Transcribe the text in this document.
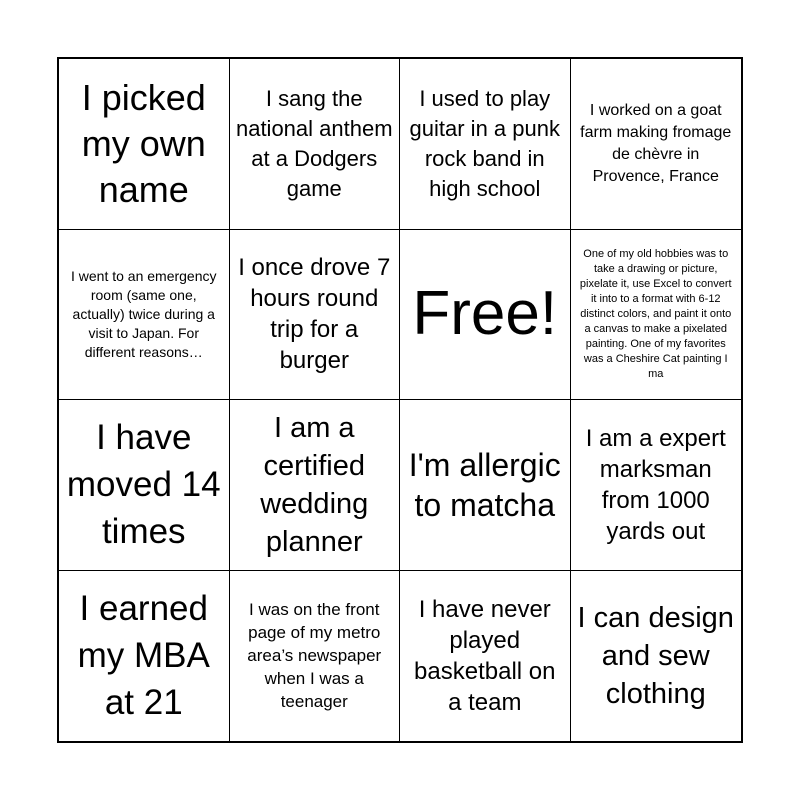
I picked my own name
I sang the national anthem at a Dodgers game
I used to play guitar in a punk rock band in high school
I worked on a goat farm making fromage de chèvre in Provence, France
I went to an emergency room (same one, actually) twice during a visit to Japan. For different reasons…
I once drove 7 hours round trip for a burger
Free!
One of my old hobbies was to take a drawing or picture, pixelate it, use Excel to convert it into to a format with 6-12 distinct colors, and paint it onto a canvas to make a pixelated painting. One of my favorites was a Cheshire Cat painting I ma
I have moved 14 times
I am a certified wedding planner
I'm allergic to matcha
I am a expert marksman from 1000 yards out
I earned my MBA at 21
I was on the front page of my metro area’s newspaper when I was a teenager
I have never played basketball on a team
I can design and sew clothing
